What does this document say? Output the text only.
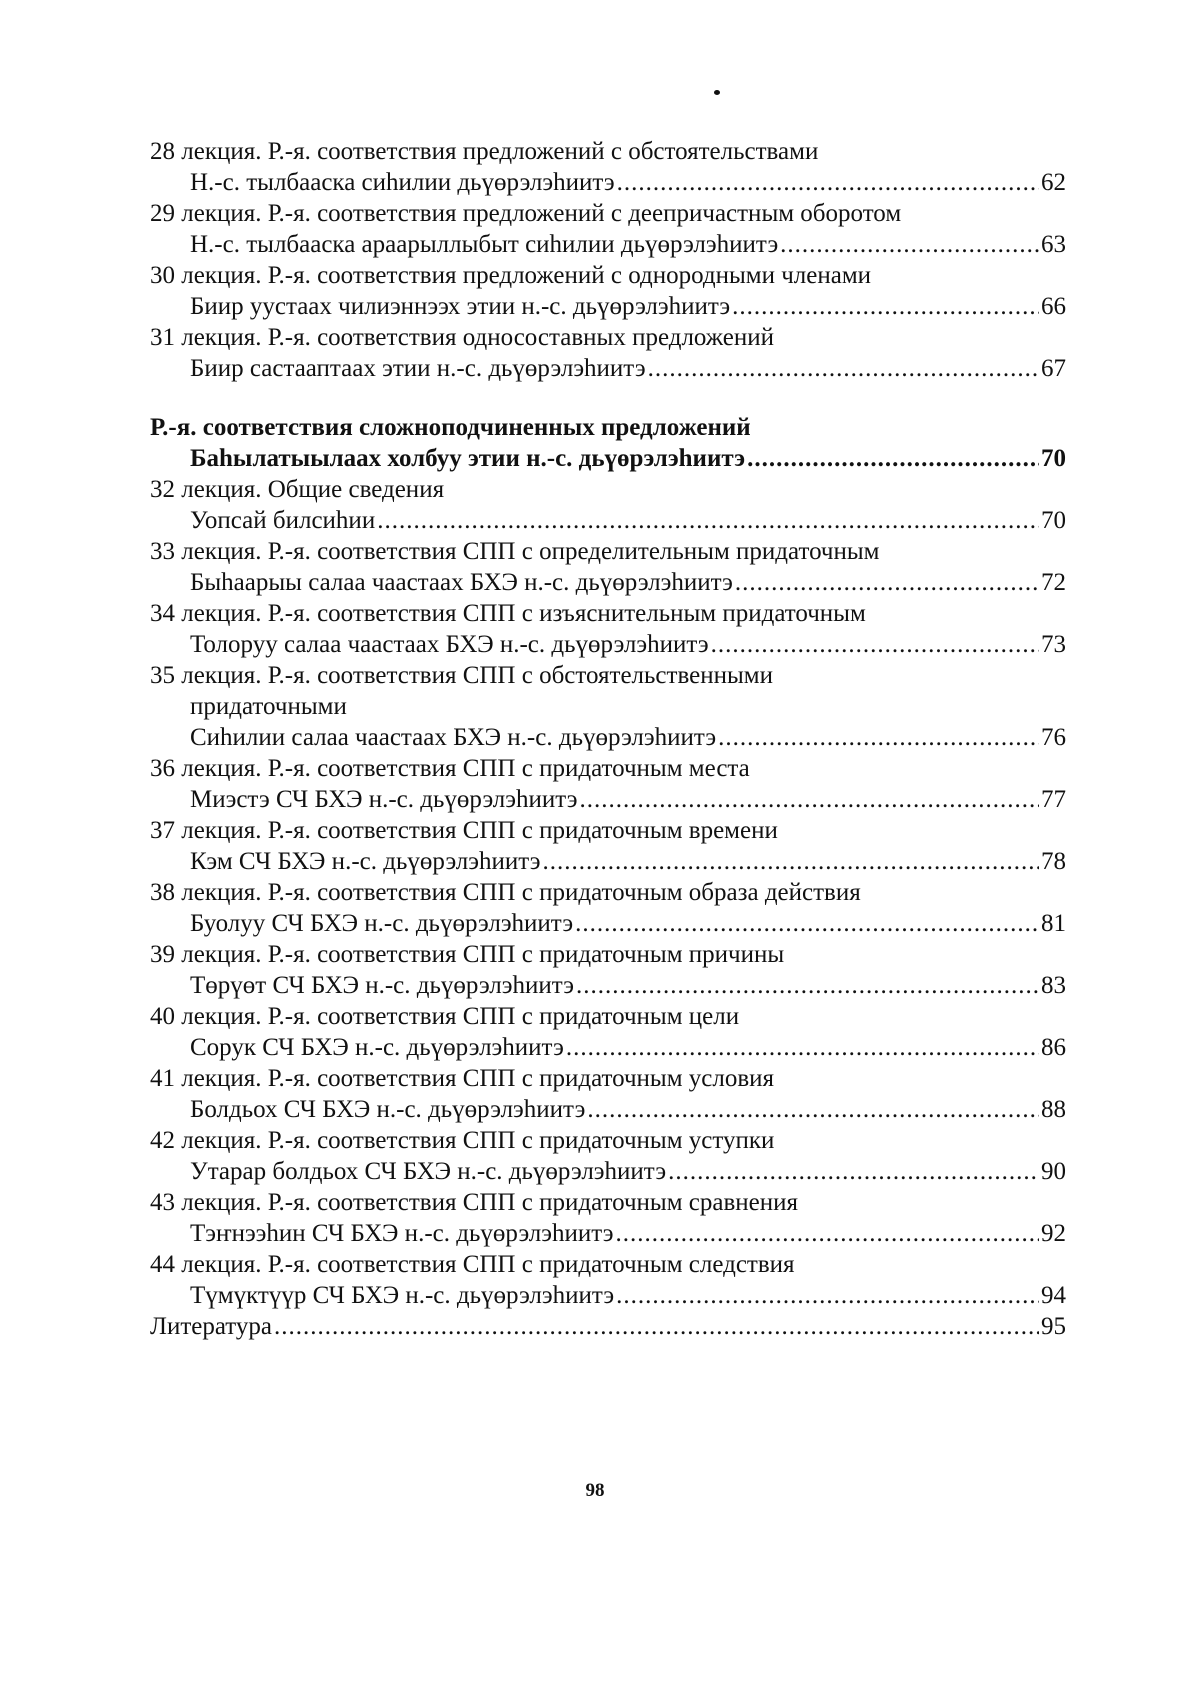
28 лекция. Р.-я. соответствия предложений с обстоятельствами
Н.-с. тылбааска сиһилии дьүөрэлэһиитэ .....	62
29 лекция. Р.-я. соответствия предложений с деепричастным оборотом
Н.-с. тылбааска араарыллыбыт сиһилии дьүөрэлэһиитэ .....	63
30 лекция. Р.-я. соответствия предложений с однородными членами
Биир уустаах чилиэннээх этии н.-с. дьүөрэлэһиитэ .....	66
31 лекция. Р.-я. соответствия односоставных предложений
Биир састааптаах этии н.-с. дьүөрэлэһиитэ .....	67
Р.-я. соответствия сложноподчиненных предложений
Баһылатыылаах холбуу этии н.-с. дьүөрэлэһиитэ .....	70
32 лекция. Общие сведения
Уопсай билсиһии .....	70
33 лекция. Р.-я. соответствия СПП с определительным придаточным
Быһаарыы салаа чаастаах БХЭ н.-с. дьүөрэлэһиитэ .....	72
34 лекция. Р.-я. соответствия СПП с изъяснительным придаточным
Толоруу салаа чаастаах БХЭ н.-с. дьүөрэлэһиитэ .....	73
35 лекция. Р.-я. соответствия СПП с обстоятельственными
придаточными
Сиһилии салаа чаастаах БХЭ н.-с. дьүөрэлэһиитэ .....	76
36 лекция. Р.-я. соответствия СПП с придаточным места
Миэстэ СЧ БХЭ н.-с. дьүөрэлэһиитэ .....	77
37 лекция. Р.-я. соответствия СПП с придаточным времени
Кэм СЧ БХЭ н.-с. дьүөрэлэһиитэ .....	78
38 лекция. Р.-я. соответствия СПП с придаточным образа действия
Буолуу СЧ БХЭ н.-с. дьүөрэлэһиитэ .....	81
39 лекция. Р.-я. соответствия СПП с придаточным причины
Төрүөт СЧ БХЭ н.-с. дьүөрэлэһиитэ .....	83
40 лекция. Р.-я. соответствия СПП с придаточным цели
Сорук СЧ БХЭ н.-с. дьүөрэлэһиитэ .....	86
41 лекция. Р.-я. соответствия СПП с придаточным условия
Болдьох СЧ БХЭ н.-с. дьүөрэлэһиитэ .....	88
42 лекция. Р.-я. соответствия СПП с придаточным уступки
Утарар болдьох СЧ БХЭ н.-с. дьүөрэлэһиитэ .....	90
43 лекция. Р.-я. соответствия СПП с придаточным сравнения
Тэҥнээһин СЧ БХЭ н.-с. дьүөрэлэһиитэ .....	92
44 лекция. Р.-я. соответствия СПП с придаточным следствия
Түмүктүүр СЧ БХЭ н.-с. дьүөрэлэһиитэ .....	94
Литература .....	95
98
